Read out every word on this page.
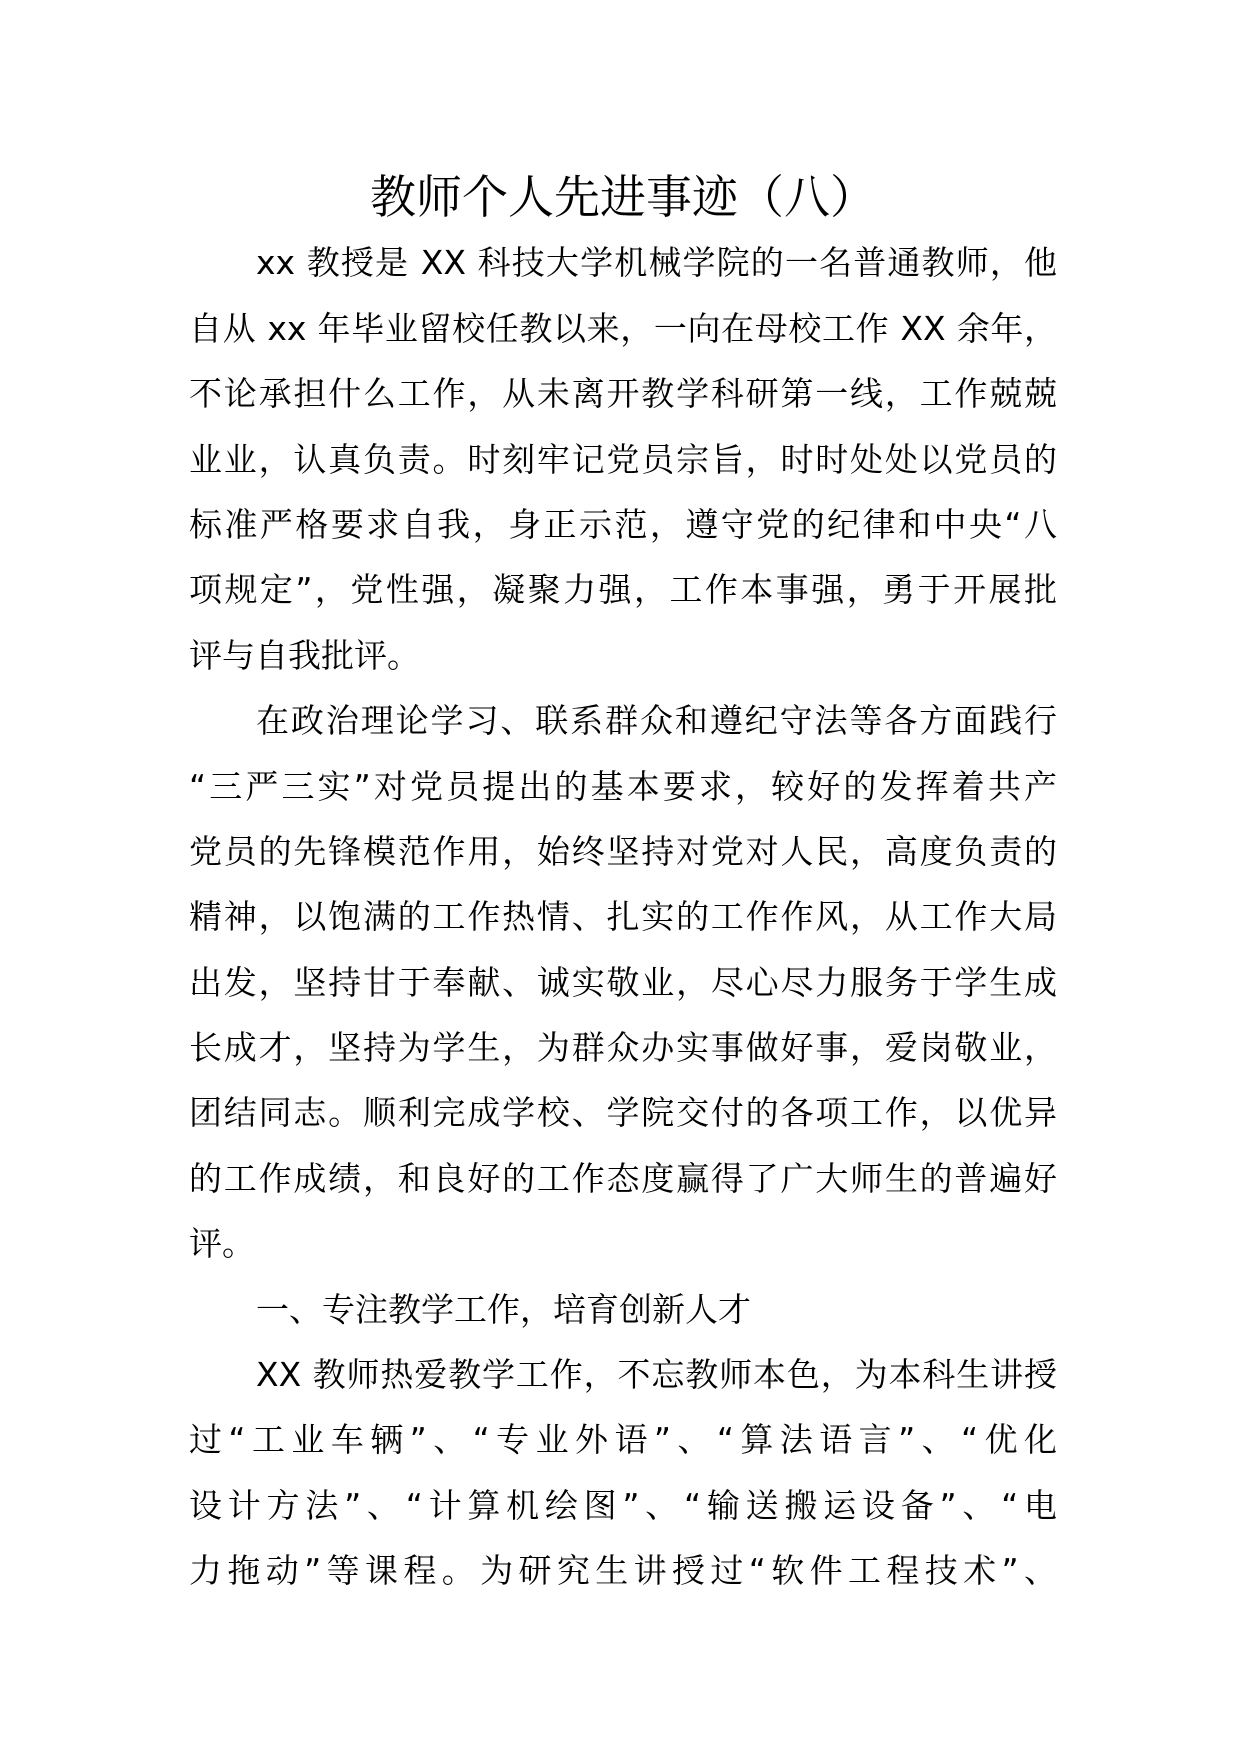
教师个人先进事迹（八）
xx 教授是 XX 科技大学机械学院的一名普通教师，他
自从 xx 年毕业留校任教以来，一向在母校工作 XX 余年，
不论承担什么工作，从未离开教学科研第一线，工作兢兢
业业，认真负责。时刻牢记党员宗旨，时时处处以党员的
标准严格要求自我，身正示范，遵守党的纪律和中央“八
项规定”，党性强，凝聚力强，工作本事强，勇于开展批
评与自我批评。
在政治理论学习、联系群众和遵纪守法等各方面践行
“三严三实”对党员提出的基本要求，较好的发挥着共产
党员的先锋模范作用，始终坚持对党对人民，高度负责的
精神，以饱满的工作热情、扎实的工作作风，从工作大局
出发，坚持甘于奉献、诚实敬业，尽心尽力服务于学生成
长成才，坚持为学生，为群众办实事做好事，爱岗敬业，
团结同志。顺利完成学校、学院交付的各项工作，以优异
的工作成绩，和良好的工作态度赢得了广大师生的普遍好
评。
一、专注教学工作，培育创新人才
XX 教师热爱教学工作，不忘教师本色，为本科生讲授
过“工业车辆”、“专业外语”、“算法语言”、“优化
设计方法”、“计算机绘图”、“输送搬运设备”、“电
力拖动”等课程。为研究生讲授过“软件工程技术”、
